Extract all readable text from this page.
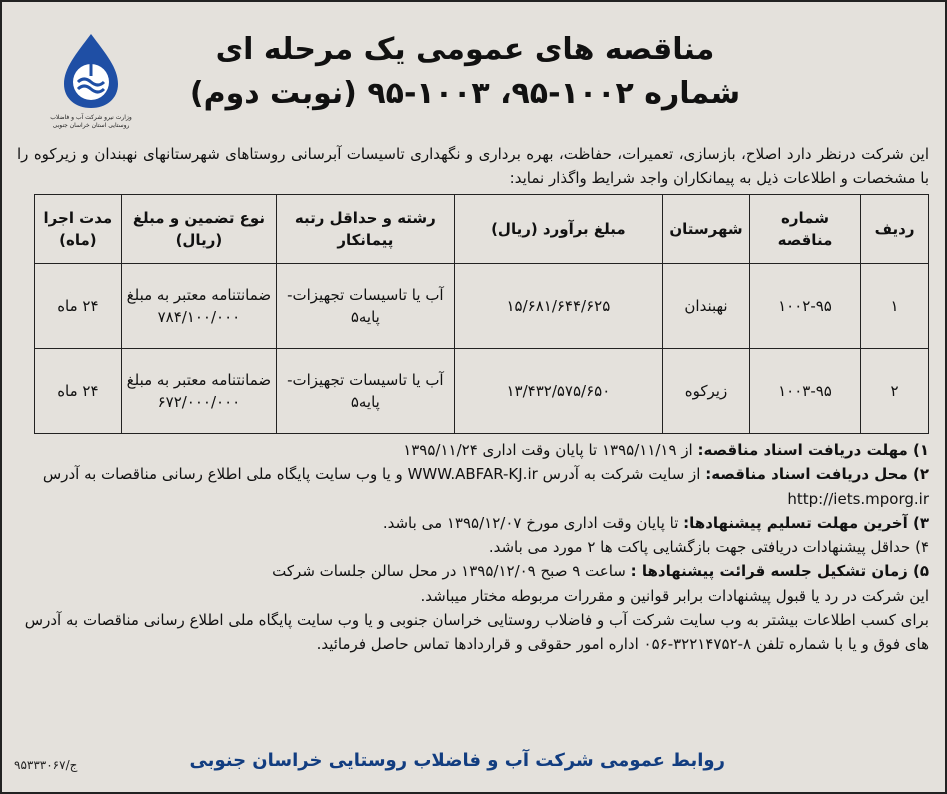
مناقصه های عمومی یک مرحله ای
شماره ۱۰۰۲-۹۵، ۱۰۰۳-۹۵ (نوبت دوم)
وزارت نیرو شرکت آب و فاضلاب روستایی استان خراسان جنوبی
این شرکت درنظر دارد اصلاح، بازسازی، تعمیرات، حفاظت، بهره برداری و نگهداری تاسیسات آبرسانی روستاهای شهرستانهای نهبندان و زیرکوه را با مشخصات و اطلاعات ذیل به پیمانکاران واجد شرایط واگذار نماید:
ردیف	شماره مناقصه	شهرستان	مبلغ برآورد (ریال)	رشته و حداقل رتبه پیمانکار	نوع تضمین و مبلغ (ریال)	مدت اجرا (ماه)
۱	۱۰۰۲-۹۵	نهبندان	۱۵/۶۸۱/۶۴۴/۶۲۵	آب یا تاسیسات تجهیزات-پایه۵	ضمانتنامه معتبر به مبلغ ۷۸۴/۱۰۰/۰۰۰	۲۴ ماه
۲	۱۰۰۳-۹۵	زیرکوه	۱۳/۴۳۲/۵۷۵/۶۵۰	آب یا تاسیسات تجهیزات-پایه۵	ضمانتنامه معتبر به مبلغ ۶۷۲/۰۰۰/۰۰۰	۲۴ ماه

۱) مهلت دریافت اسناد مناقصه: از ۱۳۹۵/۱۱/۱۹ تا پایان وقت اداری ۱۳۹۵/۱۱/۲۴

۲) محل دریافت اسناد مناقصه: از سایت شرکت به آدرس WWW.ABFAR-KJ.ir و یا وب سایت پایگاه ملی اطلاع رسانی مناقصات به آدرس http://iets.mporg.ir

۳) آخرین مهلت تسلیم پیشنهادها: تا پایان وقت اداری مورخ ۱۳۹۵/۱۲/۰۷ می باشد.

۴) حداقل پیشنهادات دریافتی جهت بازگشایی پاکت ها ۲ مورد می باشد.

۵) زمان تشکیل جلسه قرائت پیشنهادها : ساعت ۹ صبح ۱۳۹۵/۱۲/۰۹ در محل سالن جلسات شرکت

این شرکت در رد یا قبول پیشنهادات برابر قوانین و مقررات مربوطه مختار میباشد.

برای کسب اطلاعات بیشتر به وب سایت شرکت آب و فاضلاب روستایی خراسان جنوبی و یا وب سایت پایگاه ملی اطلاع رسانی مناقصات به آدرس های فوق و یا با شماره تلفن ۸-۳۲۲۱۴۷۵۲-۰۵۶ اداره امور حقوقی و قراردادها تماس حاصل فرمائید.

روابط عمومی شرکت آب و فاضلاب روستایی خراسان جنوبی
ج/۹۵۳۳۳۰۶۷
